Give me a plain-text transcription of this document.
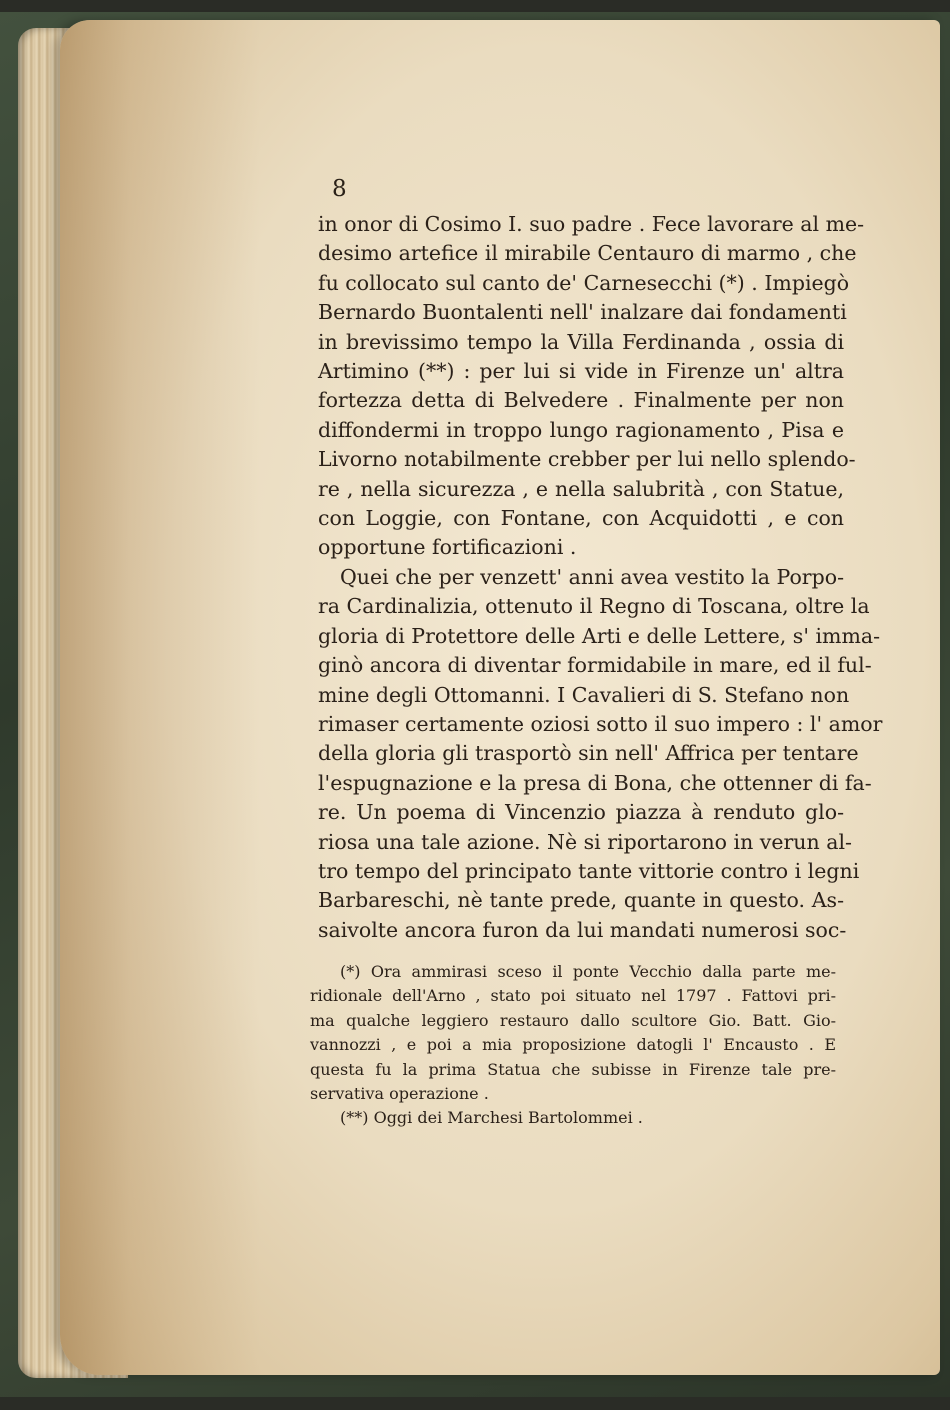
8
in onor di Cosimo I. suo padre . Fece lavorare al me-
desimo artefice il mirabile Centauro di marmo , che
fu collocato sul canto de' Carnesecchi (*) . Impiegò
Bernardo Buontalenti nell' inalzare dai fondamenti
in brevissimo tempo la Villa Ferdinanda , ossia di
Artimino (**) : per lui si vide in Firenze un' altra
fortezza detta di Belvedere . Finalmente per non
diffondermi in troppo lungo ragionamento , Pisa e
Livorno notabilmente crebber per lui nello splendo-
re , nella sicurezza , e nella salubrità , con Statue,
con Loggie, con Fontane, con Acquidotti , e con
opportune fortificazioni .
Quei che per venzett' anni avea vestito la Porpo-
ra Cardinalizia, ottenuto il Regno di Toscana, oltre la
gloria di Protettore delle Arti e delle Lettere, s' imma-
ginò ancora di diventar formidabile in mare, ed il ful-
mine degli Ottomanni. I Cavalieri di S. Stefano non
rimaser certamente oziosi sotto il suo impero : l' amor
della gloria gli trasportò sin nell' Affrica per tentare
l'espugnazione e la presa di Bona, che ottenner di fa-
re. Un poema di Vincenzio piazza à renduto glo-
riosa una tale azione. Nè si riportarono in verun al-
tro tempo del principato tante vittorie contro i legni
Barbareschi, nè tante prede, quante in questo. As-
saivolte ancora furon da lui mandati numerosi soc-
(*) Ora ammirasi sceso il ponte Vecchio dalla parte me-
ridionale dell'Arno , stato poi situato nel 1797 . Fattovi pri-
ma qualche leggiero restauro dallo scultore Gio. Batt. Gio-
vannozzi , e poi a mia proposizione datogli l' Encausto . E
questa fu la prima Statua che subisse in Firenze tale pre-
servativa operazione .
(**) Oggi dei Marchesi Bartolommei .
